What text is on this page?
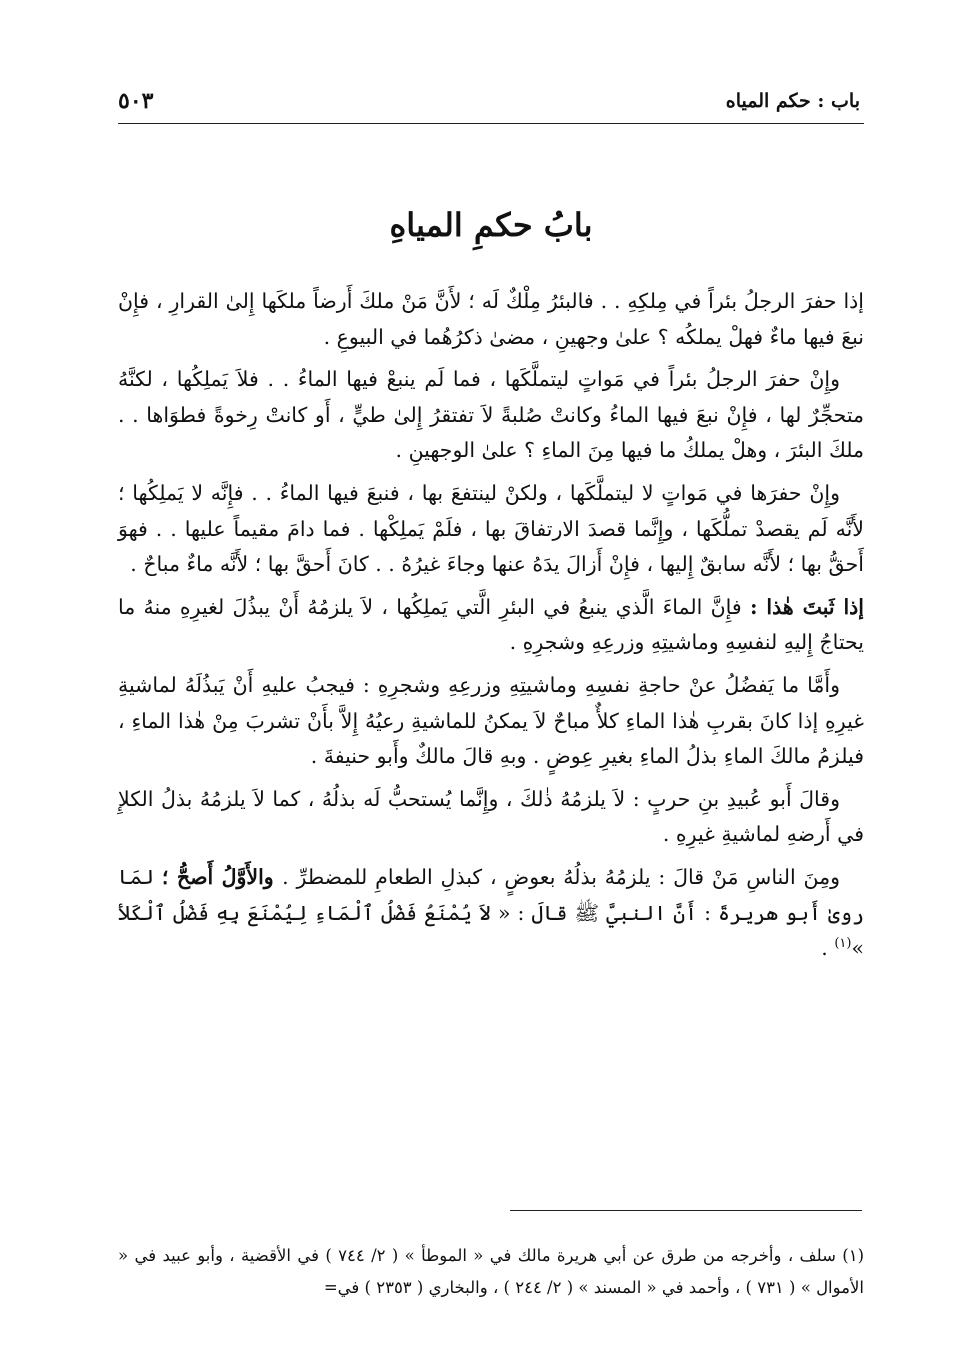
باب : حكم المياه
٥٠٣
بابُ حكمِ المياهِ

إذا حفرَ الرجلُ بئراً في مِلكِهِ . . فالبئرُ مِلْكٌ لَه ؛ لأَنَّ مَنْ ملكَ أَرضاً ملكَها إِلىٰ القرارِ ، فإِنْ نبعَ فيها ماءٌ فهلْ يملكُه ؟ علىٰ وجهينِ ، مضىٰ ذكرُهُما في البيوعِ .

وإِنْ حفرَ الرجلُ بئراً في مَواتٍ ليتملَّكَها ، فما لَم ينبعْ فيها الماءُ . . فلاَ يَملِكُها ، لكنَّهُ متحجِّرٌ لها ، فإِنْ نبعَ فيها الماءُ وكانتْ صُلبةً لاَ تفتقرُ إِلىٰ طيٍّ ، أَو كانتْ رِخوةً فطوَاها . . ملكَ البئرَ ، وهلْ يملكُ ما فيها مِنَ الماءِ ؟ علىٰ الوجهينِ .

وإِنْ حفرَها في مَواتٍ لا ليتملَّكَها ، ولكنْ لينتفعَ بها ، فنبعَ فيها الماءُ . . فإِنَّه لا يَملِكُها ؛ لأَنَّه لَم يقصدْ تملُّكَها ، وإِنَّما قصدَ الارتفاقَ بها ، فلَمْ يَملِكْها . فما دامَ مقيماً عليها . . فهوَ أَحقُّ بها ؛ لأَنَّه سابقٌ إِليها ، فإِنْ أَزالَ يدَهُ عنها وجاءَ غيرُهُ . . كانَ أَحقَّ بها ؛ لأَنَّه ماءٌ مباحٌ .

إذا ثَبتَ هٰذا : فإِنَّ الماءَ الَّذي ينبعُ في البئرِ الَّتي يَملِكُها ، لاَ يلزمُهُ أَنْ يبذُلَ لغيرِهِ منهُ ما يحتاجُ إِليهِ لنفسِهِ وماشيتِهِ وزرعِهِ وشجرِهِ .

وأَمَّا ما يَفضُلُ عنْ حاجةِ نفسِهِ وماشيتِهِ وزرعِهِ وشجرِهِ : فيجبُ عليهِ أَنْ يَبذُلَهُ لماشيةِ غيرِهِ إذا كانَ بقربِ هٰذا الماءِ كلأٌ مباحٌ لاَ يمكنُ للماشيةِ رعيُهُ إِلاَّ بأَنْ تشربَ مِنْ هٰذا الماءِ ، فيلزمُ مالكَ الماءِ بذلُ الماءِ بغيرِ عِوضٍ . وبهِ قالَ مالكٌ وأَبو حنيفةَ .

وقالَ أَبو عُبيدِ بنِ حربٍ : لاَ يلزمُهُ ذٰلكَ ، وإِنَّما يُستحبُّ لَه بذلُهُ ، كما لاَ يلزمُهُ بذلُ الكلإِ في أَرضهِ لماشيةِ غيرِهِ .

ومِنَ الناسِ مَنْ قالَ : يلزمُهُ بذلُهُ بعوضٍ ، كبذلِ الطعامِ للمضطرِّ . والأَوَّلُ أَصحُّ ؛ لمَا روىٰ أَبو هريرةَ : أَنَّ النبيَّ ﷺ قالَ : « لاَ يُمْنَعُ فَضْلُ ٱلْمَاءِ لِيُمْنَعَ بِهِ فَضْلُ ٱلْكَلأ »$^{(١)}$ .

(١) سلف ، وأخرجه من طرق عن أبي هريرة مالك في « الموطأ » ( ٢/ ٧٤٤ ) في الأقضية ، وأبو عبيد في « الأموال » ( ٧٣١ ) ، وأحمد في « المسند » ( ٢/ ٢٤٤ ) ، والبخاري ( ٢٣٥٣ ) في=
